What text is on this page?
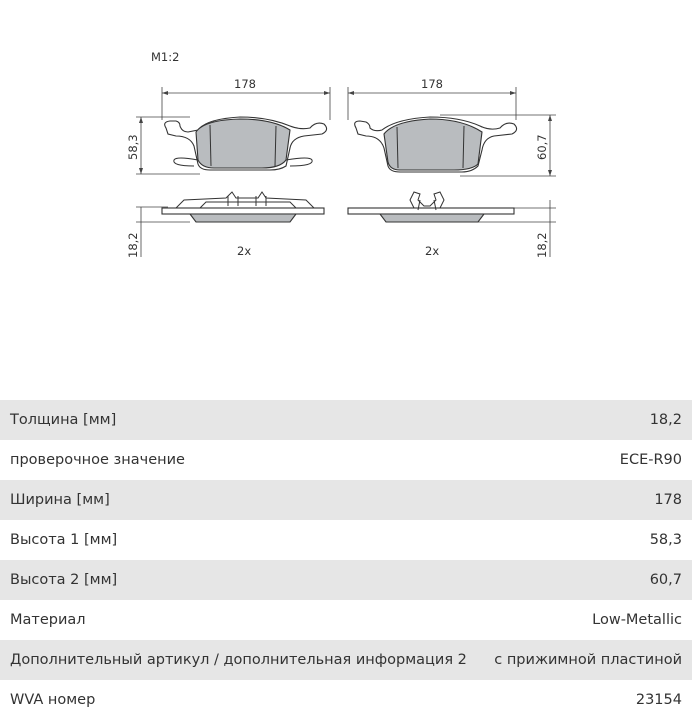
M1:2
178
58,3
178
60,7
18,2	2x	18,2
2x
Толщина [мм]	18,2
проверочное значение	ECE-R90
Ширина [мм]	178
Высота 1 [мм]	58,3
Высота 2 [мм]	60,7
Материал	Low-Metallic
Дополнительный артикул / дополнительная информация 2	с прижимной пластиной
WVA номер	23154
